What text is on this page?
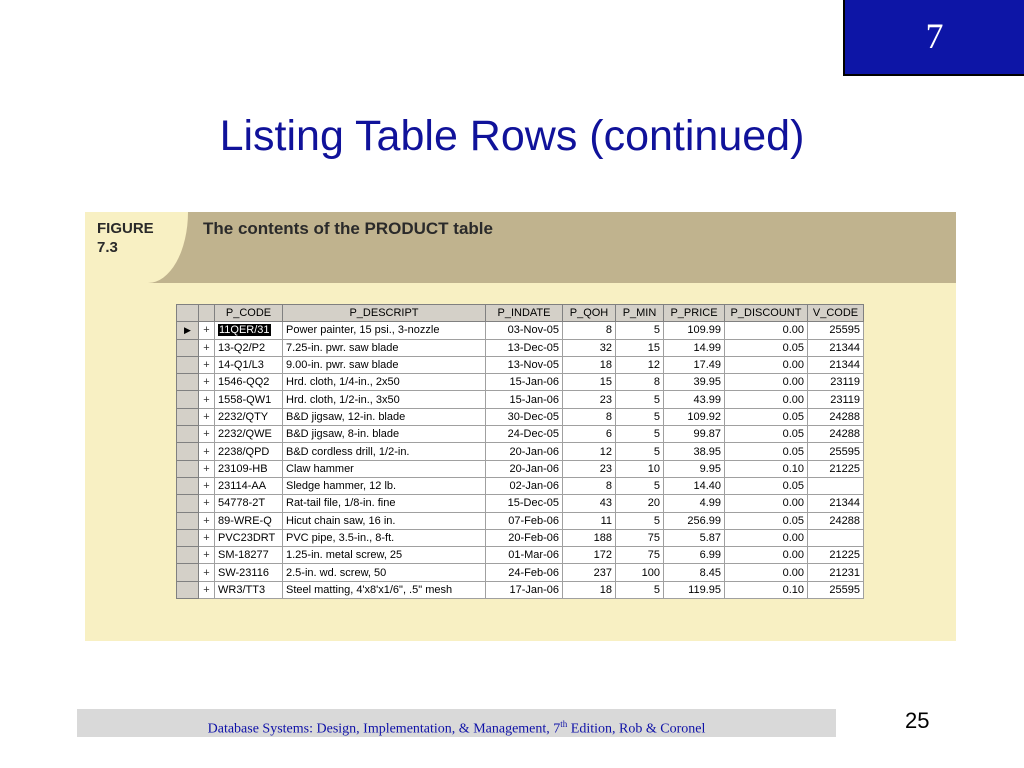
7
Listing Table Rows (continued)
FIGURE
7.3
The contents of the PRODUCT table
		P_CODE	P_DESCRIPT	P_INDATE	P_QOH	P_MIN	P_PRICE	P_DISCOUNT	V_CODE
▶	+	11QER/31	Power painter, 15 psi., 3-nozzle	03-Nov-05	8	5	109.99	0.00	25595
	+	13-Q2/P2	7.25-in. pwr. saw blade	13-Dec-05	32	15	14.99	0.05	21344
	+	14-Q1/L3	9.00-in. pwr. saw blade	13-Nov-05	18	12	17.49	0.00	21344
	+	1546-QQ2	Hrd. cloth, 1/4-in., 2x50	15-Jan-06	15	8	39.95	0.00	23119
	+	1558-QW1	Hrd. cloth, 1/2-in., 3x50	15-Jan-06	23	5	43.99	0.00	23119
	+	2232/QTY	B&D jigsaw, 12-in. blade	30-Dec-05	8	5	109.92	0.05	24288
	+	2232/QWE	B&D jigsaw, 8-in. blade	24-Dec-05	6	5	99.87	0.05	24288
	+	2238/QPD	B&D cordless drill, 1/2-in.	20-Jan-06	12	5	38.95	0.05	25595
	+	23109-HB	Claw hammer	20-Jan-06	23	10	9.95	0.10	21225
	+	23114-AA	Sledge hammer, 12 lb.	02-Jan-06	8	5	14.40	0.05	
	+	54778-2T	Rat-tail file, 1/8-in. fine	15-Dec-05	43	20	4.99	0.00	21344
	+	89-WRE-Q	Hicut chain saw, 16 in.	07-Feb-06	11	5	256.99	0.05	24288
	+	PVC23DRT	PVC pipe, 3.5-in., 8-ft.	20-Feb-06	188	75	5.87	0.00	
	+	SM-18277	1.25-in. metal screw, 25	01-Mar-06	172	75	6.99	0.00	21225
	+	SW-23116	2.5-in. wd. screw, 50	24-Feb-06	237	100	8.45	0.00	21231
	+	WR3/TT3	Steel matting, 4'x8'x1/6", .5" mesh	17-Jan-06	18	5	119.95	0.10	25595
Database Systems: Design, Implementation, & Management, 7th Edition, Rob & Coronel	25
